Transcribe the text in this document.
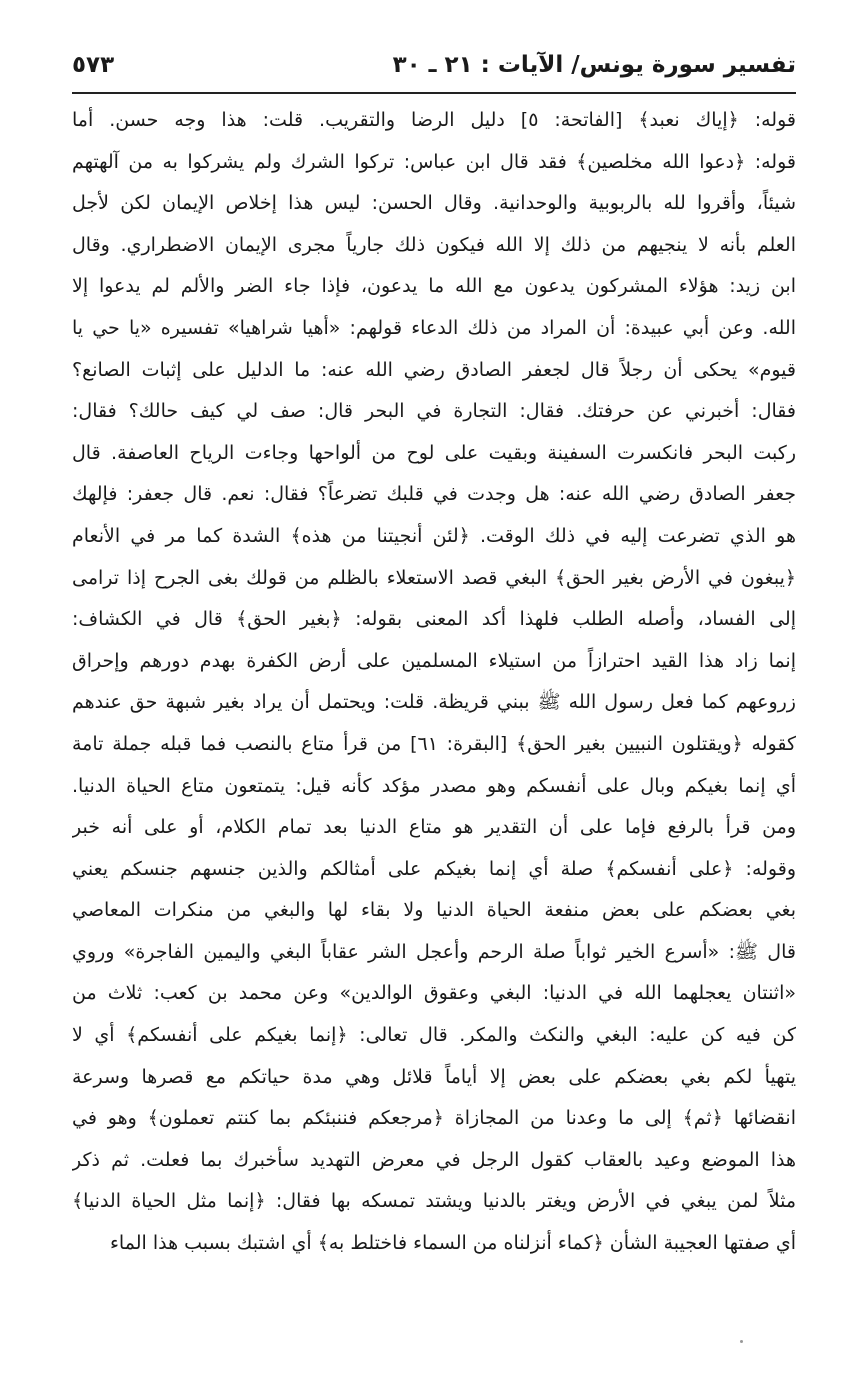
تفسير سورة يونس/ الآيات : ٢١ ـ ٣٠
٥٧٣
قوله: ﴿إياك نعبد﴾ [الفاتحة: ٥] دليل الرضا والتقريب. قلت: هذا وجه حسن. أما
قوله: ﴿دعوا الله مخلصين﴾ فقد قال ابن عباس: تركوا الشرك ولم يشركوا به من آلهتهم
شيئاً، وأقروا لله بالربوبية والوحدانية. وقال الحسن: ليس هذا إخلاص الإيمان لكن لأجل
العلم بأنه لا ينجيهم من ذلك إلا الله فيكون ذلك جارياً مجرى الإيمان الاضطراري. وقال
ابن زيد: هؤلاء المشركون يدعون مع الله ما يدعون، فإذا جاء الضر والألم لم يدعوا إلا
الله. وعن أبي عبيدة: أن المراد من ذلك الدعاء قولهم: «أهيا شراهيا» تفسيره «يا حي يا
قيوم» يحكى أن رجلاً قال لجعفر الصادق رضي الله عنه: ما الدليل على إثبات الصانع؟
فقال: أخبرني عن حرفتك. فقال: التجارة في البحر قال: صف لي كيف حالك؟ فقال:
ركبت البحر فانكسرت السفينة وبقيت على لوح من ألواحها وجاءت الرياح العاصفة. قال
جعفر الصادق رضي الله عنه: هل وجدت في قلبك تضرعاً؟ فقال: نعم. قال جعفر: فإلهك
هو الذي تضرعت إليه في ذلك الوقت. ﴿لئن أنجيتنا من هذه﴾ الشدة كما مر في الأنعام
﴿يبغون في الأرض بغير الحق﴾ البغي قصد الاستعلاء بالظلم من قولك بغى الجرح إذا ترامى
إلى الفساد، وأصله الطلب فلهذا أكد المعنى بقوله: ﴿بغير الحق﴾ قال في الكشاف:
إنما زاد هذا القيد احترازاً من استيلاء المسلمين على أرض الكفرة بهدم دورهم وإحراق
زروعهم كما فعل رسول الله ﷺ ببني قريظة. قلت: ويحتمل أن يراد بغير شبهة حق عندهم
كقوله ﴿ويقتلون النبيين بغير الحق﴾ [البقرة: ٦١] من قرأ متاع بالنصب فما قبله جملة تامة
أي إنما بغيكم وبال على أنفسكم وهو مصدر مؤكد كأنه قيل: يتمتعون متاع الحياة الدنيا.
ومن قرأ بالرفع فإما على أن التقدير هو متاع الدنيا بعد تمام الكلام، أو على أنه خبر
وقوله: ﴿على أنفسكم﴾ صلة أي إنما بغيكم على أمثالكم والذين جنسهم جنسكم يعني
بغي بعضكم على بعض منفعة الحياة الدنيا ولا بقاء لها والبغي من منكرات المعاصي
قال ﷺ: «أسرع الخير ثواباً صلة الرحم وأعجل الشر عقاباً البغي واليمين الفاجرة» وروي
«اثنتان يعجلهما الله في الدنيا: البغي وعقوق الوالدين» وعن محمد بن كعب: ثلاث من
كن فيه كن عليه: البغي والنكث والمكر. قال تعالى: ﴿إنما بغيكم على أنفسكم﴾ أي لا
يتهيأ لكم بغي بعضكم على بعض إلا أياماً قلائل وهي مدة حياتكم مع قصرها وسرعة
انقضائها ﴿ثم﴾ إلى ما وعدنا من المجازاة ﴿مرجعكم فننبئكم بما كنتم تعملون﴾ وهو في
هذا الموضع وعيد بالعقاب كقول الرجل في معرض التهديد سأخبرك بما فعلت. ثم ذكر
مثلاً لمن يبغي في الأرض ويغتر بالدنيا ويشتد تمسكه بها فقال: ﴿إنما مثل الحياة الدنيا﴾
أي صفتها العجيبة الشأن ﴿كماء أنزلناه من السماء فاختلط به﴾ أي اشتبك بسبب هذا الماء
